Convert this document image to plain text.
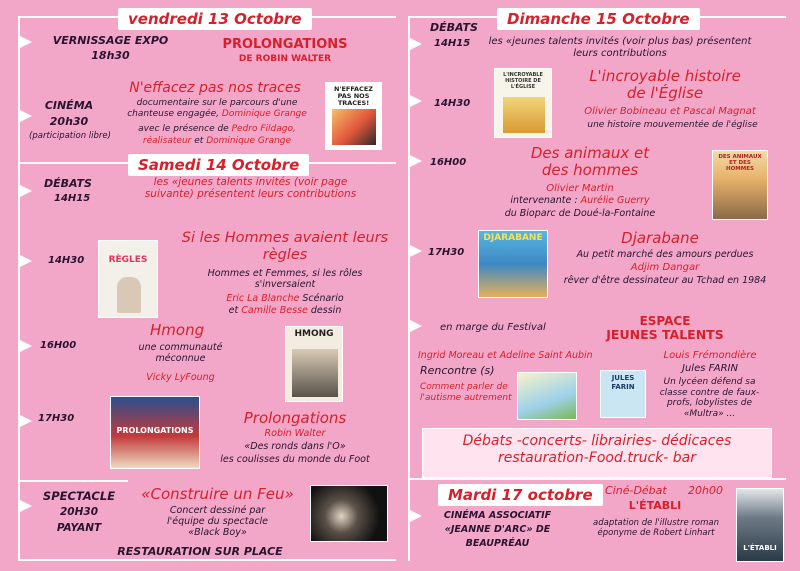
vendredi 13 Octobre

VERNISSAGE EXPO

18h30

PROLONGATIONS

DE ROBIN WALTER

N'effacez pas nos traces

CINÉMA

20h30

(participation libre)

documentaire sur le parcours d'une chanteuse engagée, Dominique Grange

avec le présence de Pedro Fildago,

réalisateur et Dominique Grange

N'EFFACEZ PAS NOS TRACES!
Samedi 14 Octobre

DÉBATS

14H15

les «jeunes talents invités (voir page suivante) présentent leurs contributions

14H30	RÈGLES

Si les Hommes avaient leurs règles

Hommes et Femmes, si les rôles s'inversaient

Eric La Blanche Scénario
et Camille Besse dessin

16H00

Hmong

une communauté méconnue

Vicky LyFoung

HMONG

17H30

PROLONGATIONS

Prolongations

Robin Walter

«Des ronds dans l'O»

les coulisses du monde du Foot

SPECTACLE

20H30

PAYANT

«Construire un Feu»

Concert dessiné par l'équipe du spectacle «Black Boy»

RESTAURATION SUR PLACE

Dimanche 15 Octobre

DÉBATS

14H15	les «jeunes talents invités (voir plus bas) présentent leurs contributions

14H30

L'INCROYABLE HISTOIRE DE L'ÉGLISE

L'incroyable histoire de l'Église

Olivier Bobineau et Pascal Magnat

une histoire mouvementée de l'église

16H00

Des animaux et des hommes

Olivier Martin

intervenante : Aurélie Guerry

du Bioparc de Doué-la-Fontaine

DES ANIMAUX ET DES HOMMES

17H30

DJARABANE	Djarabane

Au petit marché des amours perdues

Adjim Dangar

rêver d'être dessinateur au Tchad en 1984

ESPACE

JEUNES TALENTS

en marge du Festival

Ingrid Moreau et Adeline Saint Aubin

Rencontre (s)

Comment parler de l'autisme autrement

JULES FARIN

Louis Frémondière

Jules FARIN

Un lycéen défend sa classe contre de faux-profs, lobylistes de «Multra» ...

Débats -concerts- librairies- dédicaces

restauration-Food.truck- bar

Mardi 17 octobre	Ciné-Débat 20h00

L'ÉTABLI

CINÉMA ASSOCIATIF

«JEANNE D'ARC» DE

BEAUPRÉAU

adaptation de l'illustre roman éponyme de Robert Linhart

L'ÉTABLI
